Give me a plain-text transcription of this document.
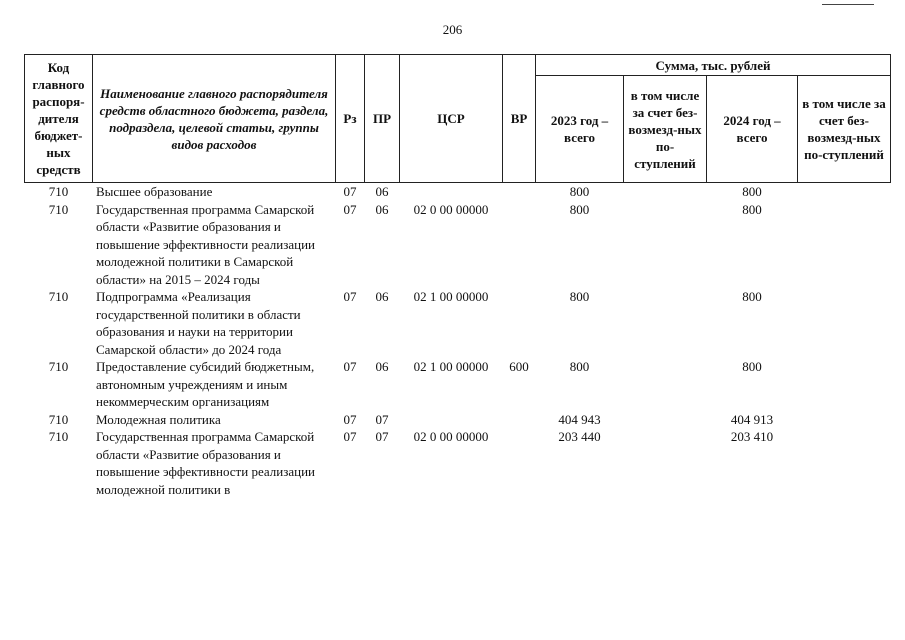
206
Код главного распоря-дителя бюджет-ных средств	Наименование главного распорядителя средств областного бюджета, раздела, подраздела, целевой статьи, группы видов расходов	Рз	ПР	ЦСР	ВР	Сумма, тыс. рублей			
						2023 год – всего	в том числе за счет без-возмезд-ных по-ступлений	2024 год – всего	в том числе за счет без-возмезд-ных по-ступлений
710	Высшее образование	07	06			800		800	
710	Государственная программа Самарской области «Развитие образования и повышение эффективности реализации молодежной политики в Самарской области» на 2015 – 2024 годы	07	06	02 0 00 00000		800		800	
710	Подпрограмма «Реализация государственной политики в области образования и науки на территории Самарской области» до 2024 года	07	06	02 1 00 00000		800		800	
710	Предоставление субсидий бюджетным, автономным учреждениям и иным некоммерческим организациям	07	06	02 1 00 00000	600	800		800	
710	Молодежная политика	07	07			404 943		404 913	
710	Государственная программа Самарской области «Развитие образования и повышение эффективности реализации молодежной политики в	07	07	02 0 00 00000		203 440		203 410	
